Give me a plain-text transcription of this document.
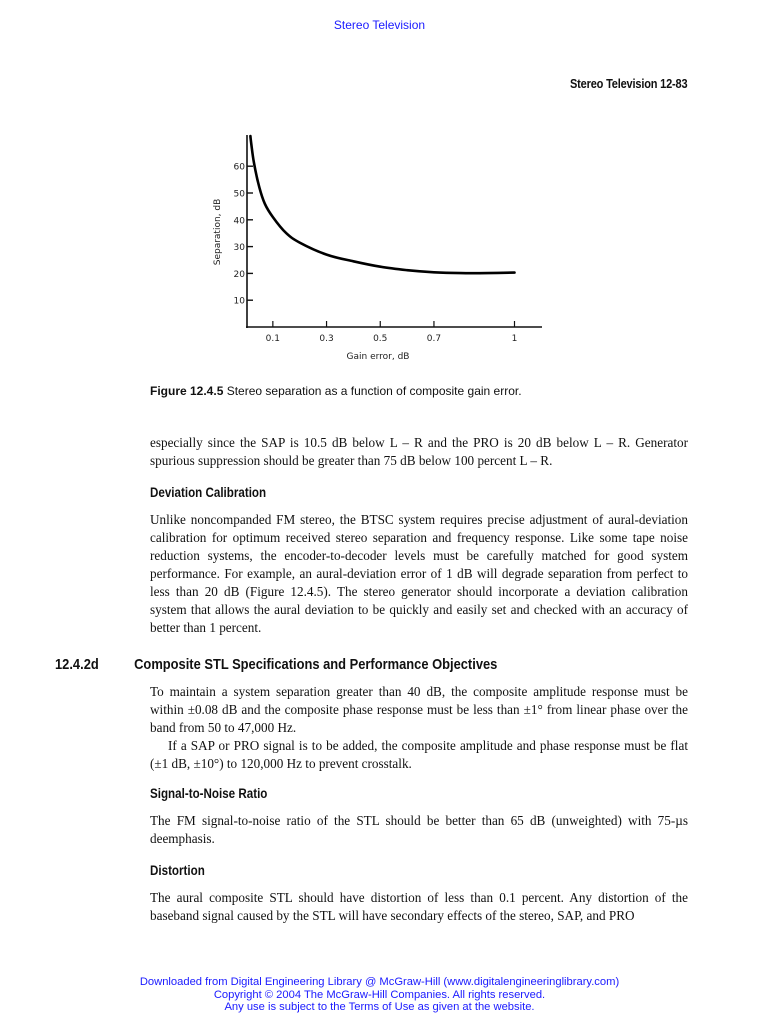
Stereo Television
Stereo Television 12-83
10
20
30
40
50
60
0.1	0.3	0.5	0.7	1
Separation, dB
Gain error, dB
Figure 12.4.5 Stereo separation as a function of composite gain error.

especially since the SAP is 10.5 dB below L – R and the PRO is 20 dB below L – R. Generator spurious suppression should be greater than 75 dB below 100 percent L – R.

Deviation Calibration

Unlike noncompanded FM stereo, the BTSC system requires precise adjustment of aural-deviation calibration for optimum received stereo separation and frequency response. Like some tape noise reduction systems, the encoder-to-decoder levels must be carefully matched for good system performance. For example, an aural-deviation error of 1 dB will degrade separation from perfect to less than 20 dB (Figure 12.4.5). The stereo generator should incorporate a deviation calibration system that allows the aural deviation to be quickly and easily set and checked with an accuracy of better than 1 percent.

12.4.2d Composite STL Specifications and Performance Objectives

To maintain a system separation greater than 40 dB, the composite amplitude response must be within ±0.08 dB and the composite phase response must be less than ±1° from linear phase over the band from 50 to 47,000 Hz.

If a SAP or PRO signal is to be added, the composite amplitude and phase response must be flat (±1 dB, ±10°) to 120,000 Hz to prevent crosstalk.

Signal-to-Noise Ratio

The FM signal-to-noise ratio of the STL should be better than 65 dB (unweighted) with 75-µs deemphasis.

Distortion

The aural composite STL should have distortion of less than 0.1 percent. Any distortion of the baseband signal caused by the STL will have secondary effects of the stereo, SAP, and PRO

Downloaded from Digital Engineering Library @ McGraw-Hill (www.digitalengineeringlibrary.com)
Copyright © 2004 The McGraw-Hill Companies. All rights reserved.
Any use is subject to the Terms of Use as given at the website.
